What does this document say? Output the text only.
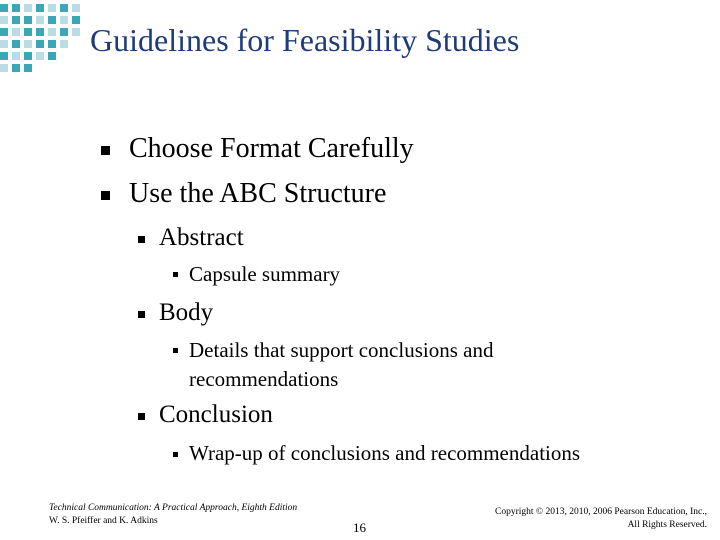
Guidelines for Feasibility Studies
Choose Format Carefully
Use the ABC Structure
Abstract
Capsule summary
Body
Details that support conclusions and
recommendations
Conclusion
Wrap-up of conclusions and recommendations
Technical Communication: A Practical Approach, Eighth Edition
W. S. Pfeiffer and K. Adkins	16
Copyright © 2013, 2010, 2006 Pearson Education, Inc.,
All Rights Reserved.
